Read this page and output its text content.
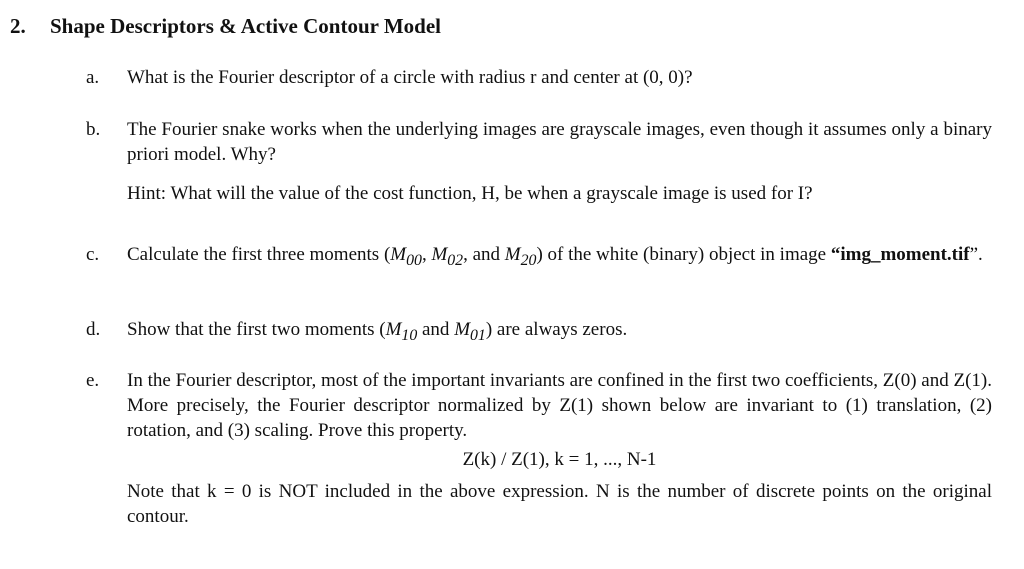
2. Shape Descriptors & Active Contour Model
a.	What is the Fourier descriptor of a circle with radius r and center at (0, 0)?

b.	The Fourier snake works when the underlying images are grayscale images, even though it assumes only a binary priori model. Why?

Hint: What will the value of the cost function, H, be when a grayscale image is used for I?

c.	Calculate the first three moments ($M_{00}$, $M_{02}$, and $M_{20}$) of the white (binary) object in image “img_moment.tif”.

d.	Show that the first two moments ($M_{10}$ and $M_{01}$) are always zeros.

e.	In the Fourier descriptor, most of the important invariants are confined in the first two coefficients, Z(0) and Z(1). More precisely, the Fourier descriptor normalized by Z(1) shown below are invariant to (1) translation, (2) rotation, and (3) scaling. Prove this property.

Z(k) / Z(1), k = 1, ..., N-1

Note that k = 0 is NOT included in the above expression. N is the number of discrete points on the original contour.
